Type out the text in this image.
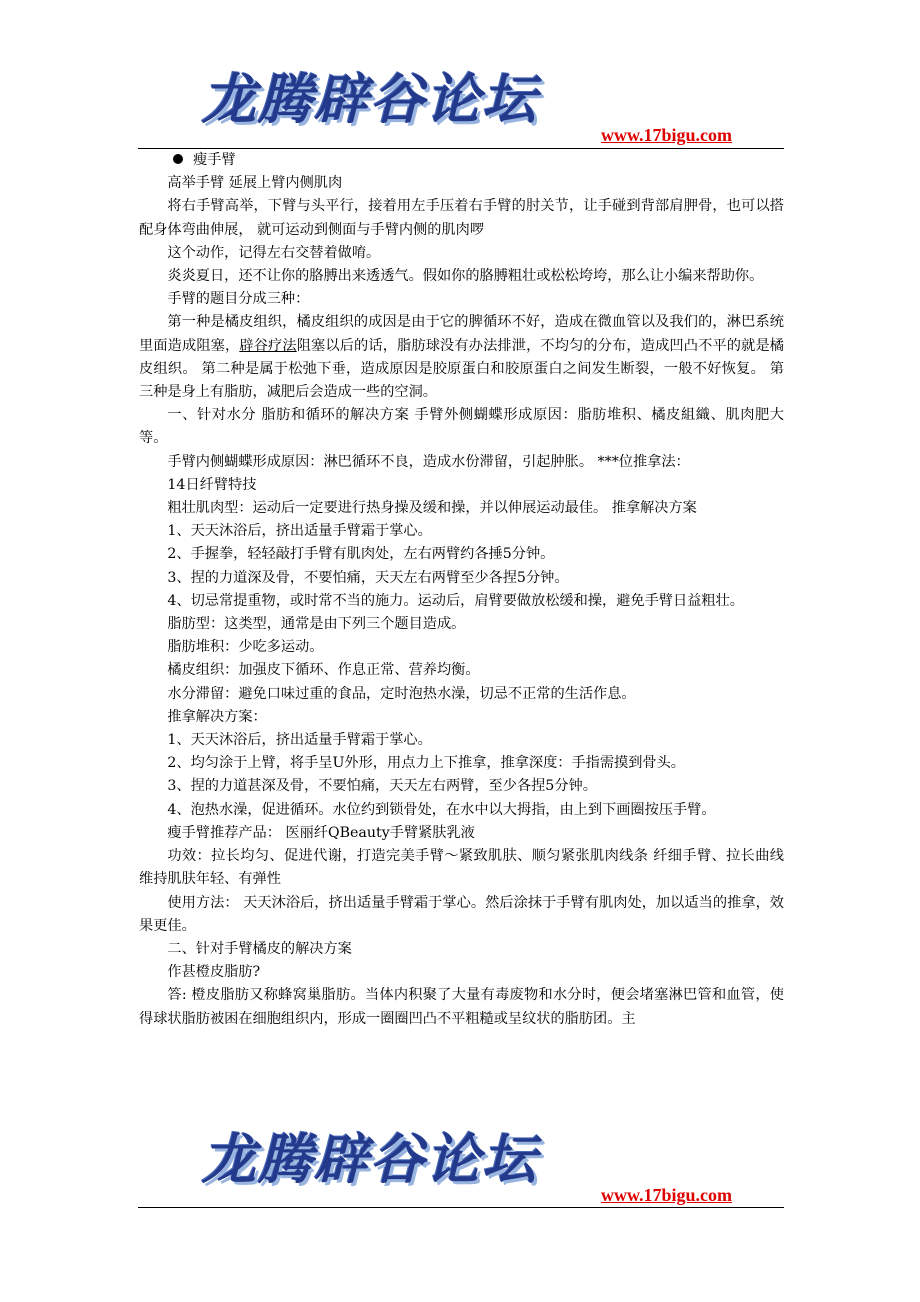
龙腾辟谷论坛
www.17bigu.com

瘦手臂

高举手臂 延展上臂内侧肌肉

将右手臂高举，下臂与头平行，接着用左手压着右手臂的肘关节，让手碰到背部肩胛骨，也可以搭配身体弯曲伸展， 就可运动到侧面与手臂内侧的肌肉啰

这个动作，记得左右交替着做唷。

炎炎夏日，还不让你的胳膊出来透透气。假如你的胳膊粗壮或松松垮垮，那么让小编来帮助你。

手臂的题目分成三种：

第一种是橘皮组织，橘皮组织的成因是由于它的脾循环不好，造成在微血管以及我们的，淋巴系统里面造成阻塞，辟谷疗法阻塞以后的话，脂肪球没有办法排泄，不均匀的分布，造成凹凸不平的就是橘皮组织。 第二种是属于松弛下垂，造成原因是胶原蛋白和胶原蛋白之间发生断裂，一般不好恢复。 第三种是身上有脂肪，减肥后会造成一些的空洞。

一、针对水分 脂肪和循环的解决方案 手臂外侧蝴蝶形成原因：脂肪堆积、橘皮組織、肌肉肥大等。

手臂内侧蝴蝶形成原因：淋巴循环不良，造成水份滞留，引起肿胀。 ***位推拿法：

14日纤臂特技

粗壮肌肉型：运动后一定要进行热身操及缓和操，并以伸展运动最佳。 推拿解决方案

1、天天沐浴后，挤出适量手臂霜于掌心。

2、手握拳，轻轻敲打手臂有肌肉处，左右两臂约各捶5分钟。

3、捏的力道深及骨，不要怕痛，天天左右两臂至少各捏5分钟。

4、切忌常提重物，或时常不当的施力。运动后，肩臂要做放松缓和操，避免手臂日益粗壮。

脂肪型：这类型，通常是由下列三个题目造成。

脂肪堆积：少吃多运动。

橘皮组织：加强皮下循环、作息正常、营养均衡。

水分滞留：避免口味过重的食品，定时泡热水澡，切忌不正常的生活作息。

推拿解决方案：

1、天天沐浴后，挤出适量手臂霜于掌心。

2、均匀涂于上臂，将手呈U外形，用点力上下推拿，推拿深度：手指需摸到骨头。

3、捏的力道甚深及骨，不要怕痛，天天左右两臂，至少各捏5分钟。

4、泡热水澡，促进循环。水位约到锁骨处，在水中以大拇指，由上到下画圈按压手臂。

瘦手臂推荐产品： 医丽纤QBeauty手臂紧肤乳液

功效：拉长均匀、促进代谢，打造完美手臂～紧致肌肤、顺匀紧张肌肉线条 纤细手臂、拉长曲线 维持肌肤年轻、有弹性

使用方法： 天天沐浴后，挤出适量手臂霜于掌心。然后涂抹于手臂有肌肉处，加以适当的推拿，效果更佳。

二、针对手臂橘皮的解决方案

作甚橙皮脂肪?

答: 橙皮脂肪又称蜂窝巢脂肪。当体内积聚了大量有毒废物和水分时，便会堵塞淋巴管和血管，使得球状脂肪被困在细胞组织内，形成一圈圈凹凸不平粗糙或呈纹状的脂肪团。主

龙腾辟谷论坛
www.17bigu.com
